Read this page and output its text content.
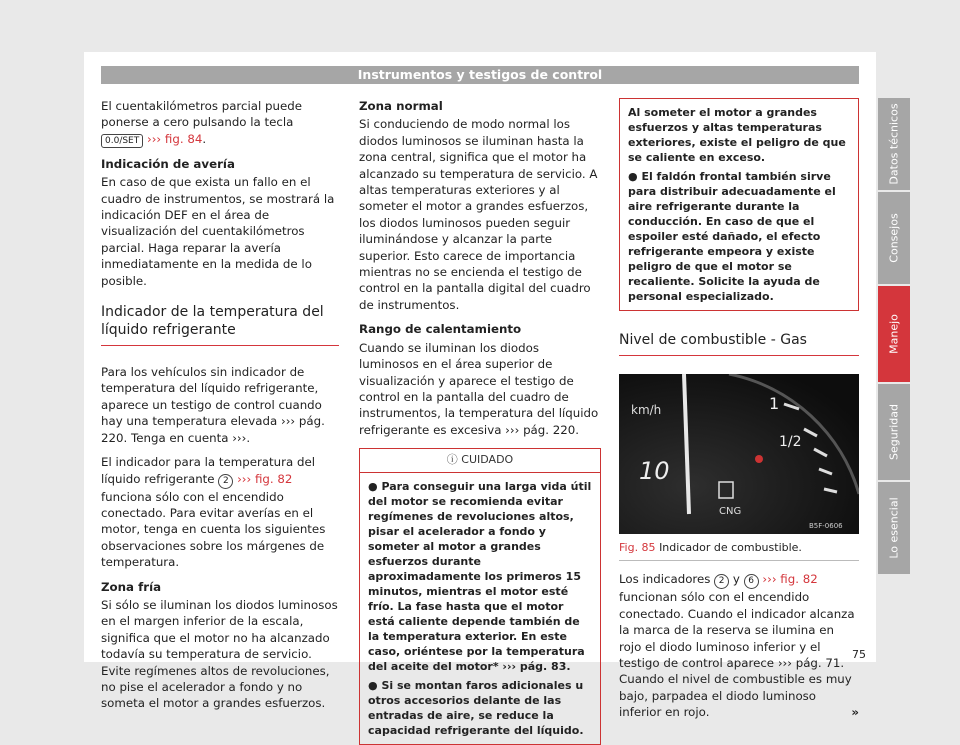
Instrumentos y testigos de control

El cuentakilómetros parcial puede ponerse a cero pulsando la tecla 0.0/SET ››› fig. 84.

Indicación de avería

En caso de que exista un fallo en el cuadro de instrumentos, se mostrará la indicación DEF en el área de visualización del cuentakilómetros parcial. Haga reparar la avería inmediatamente en la medida de lo posible.

Indicador de la temperatura del líquido refrigerante

Para los vehículos sin indicador de temperatura del líquido refrigerante, aparece un testigo de control cuando hay una temperatura elevada ››› pág. 220. Tenga en cuenta ›››.

El indicador para la temperatura del líquido refrigerante 2 ››› fig. 82 funciona sólo con el encendido conectado. Para evitar averías en el motor, tenga en cuenta los siguientes observaciones sobre los márgenes de temperatura.

Zona fría

Si sólo se iluminan los diodos luminosos en el margen inferior de la escala, significa que el motor no ha alcanzado todavía su temperatura de servicio. Evite regímenes altos de revoluciones, no pise el acelerador a fondo y no someta el motor a grandes esfuerzos.

Zona normal

Si conduciendo de modo normal los diodos luminosos se iluminan hasta la zona central, significa que el motor ha alcanzado su temperatura de servicio. A altas temperaturas exteriores y al someter el motor a grandes esfuerzos, los diodos luminosos pueden seguir iluminándose y alcanzar la parte superior. Esto carece de importancia mientras no se encienda el testigo de control en la pantalla digital del cuadro de instrumentos.

Rango de calentamiento

Cuando se iluminan los diodos luminosos en el área superior de visualización y aparece el testigo de control en la pantalla del cuadro de instrumentos, la temperatura del líquido refrigerante es excesiva ››› pág. 220.

ⓘ CUIDADO

● Para conseguir una larga vida útil del motor se recomienda evitar regímenes de revoluciones altos, pisar el acelerador a fondo y someter al motor a grandes esfuerzos durante aproximadamente los primeros 15 minutos, mientras el motor esté frío. La fase hasta que el motor está caliente depende también de la temperatura exterior. En este caso, oriéntese por la temperatura del aceite del motor* ››› pág. 83.

● Si se montan faros adicionales u otros accesorios delante de las entradas de aire, se reduce la capacidad refrigerante del líquido.

Al someter el motor a grandes esfuerzos y altas temperaturas exteriores, existe el peligro de que se caliente en exceso.

● El faldón frontal también sirve para distribuir adecuadamente el aire refrigerante durante la conducción. En caso de que el espoiler esté dañado, el efecto refrigerante empeora y existe peligro de que el motor se recaliente. Solicite la ayuda de personal especializado.

Nivel de combustible - Gas
km/h
10
1
1/2
CNG
B5F-0606
Fig. 85 Indicador de combustible.

Los indicadores 2 y 6 ››› fig. 82 funcionan sólo con el encendido conectado. Cuando el indicador alcanza la marca de la reserva se ilumina en rojo el diodo luminoso inferior y el testigo de control aparece ››› pág. 71. Cuando el nivel de combustible es muy bajo, parpadea el diodo luminoso inferior en rojo.	»

Datos técnicos
Consejos
Manejo
Seguridad
Lo esencial
75
